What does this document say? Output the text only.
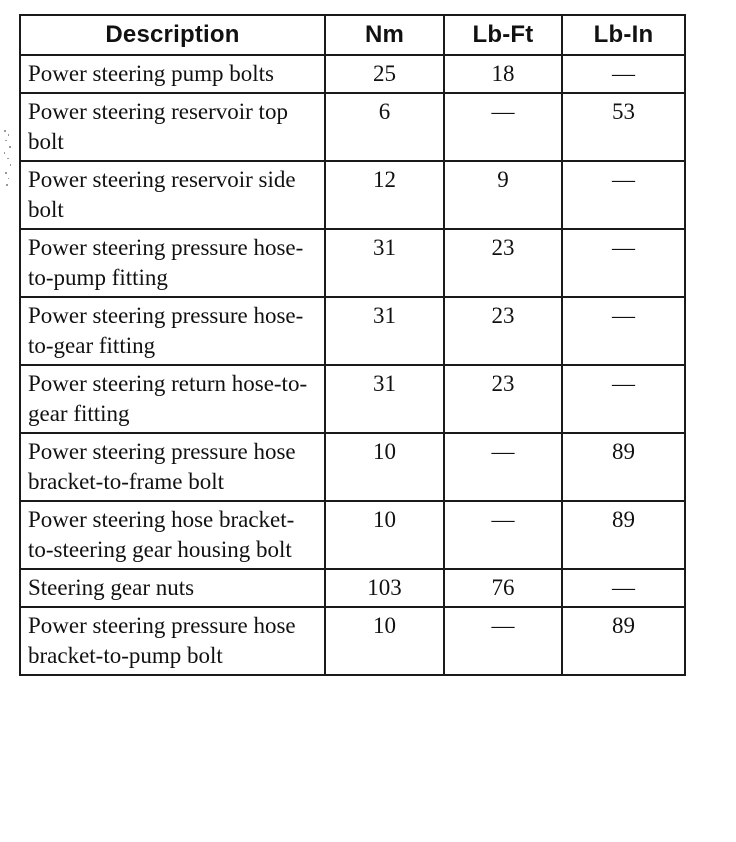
Description	Nm	Lb-Ft	Lb-In
Power steering pump bolts	25	18	—
Power steering reservoir top bolt	6	—	53
Power steering reservoir side bolt	12	9	—
Power steering pressure hose-to-pump fitting	31	23	—
Power steering pressure hose-to-gear fitting	31	23	—
Power steering return hose-to-gear fitting	31	23	—
Power steering pressure hose bracket-to-frame bolt	10	—	89
Power steering hose bracket-to-steering gear housing bolt	10	—	89
Steering gear nuts	103	76	—
Power steering pressure hose bracket-to-pump bolt	10	—	89
